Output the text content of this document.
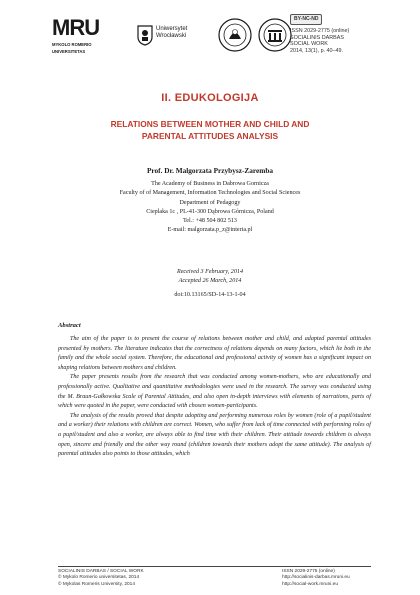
MRU
MYKOLO ROMERIO
UNIVERSITETAS
Uniwersytet
Wrocławski
BY-NC-ND
ISSN 2029-2775 (online)
SOCIALINIS DARBAS
SOCIAL WORK
2014, 13(1), p. 40–49.
II. EDUKOLOGIJA
RELATIONS BETWEEN MOTHER AND CHILD AND
PARENTAL ATTITUDES ANALYSIS
Prof. Dr. Malgorzata Przybysz-Zaremba
The Academy of Business in Dabrowa Gornicza
Faculty of of Management, Information Technologies and Social Sciences
Department of Pedagogy
Cieplaka 1c , PL-41-300 Dąbrowa Górnicza, Poland
Tel.: +48 504 802 513
E-mail: malgorzata.p_z@interia.pl
Received 3 February, 2014
Accepted 26 March, 2014
doi:10.13165/SD-14-13-1-04
Abstract

The aim of the paper is to present the course of relations between mother and child, and adapted parental attitudes presented by mothers. The literature indicates that the correctness of relations depends on many factors, which lie both in the family and the whole social system. Therefore, the educational and professional activity of women has a significant impact on shaping relations between mothers and children.

The paper presents results from the research that was conducted among women-mothers, who are educationally and professionally active. Qualitative and quantitative methodologies were used in the research. The survey was conducted using the M. Braun-Gałkowska Scale of Parental Attitudes, and also open in-depth interviews with elements of narrations, parts of which were quoted in the paper, were conducted with chosen women-participants.

The analysis of the results proved that despite adopting and performing numerous roles by women (role of a pupil/student and a worker) their relations with children are correct. Women, who suffer from lack of time connected with performing roles of a pupil/student and also a worker, are always able to find time with their children. Their attitude towards children is always open, sincere and friendly and the other way round (children towards their mothers adopt the same attitude). The analysis of parental attitudes also points to those attitudes, which

SOCIALINIS DARBAS / SOCIAL WORK
© Mykolo Romerio universitetas, 2014
© Mykolas Romeris University, 2014
ISSN 2029-2775 (online)
http://socialinis-darbas.mruni.eu
http://social-work.mruni.eu
